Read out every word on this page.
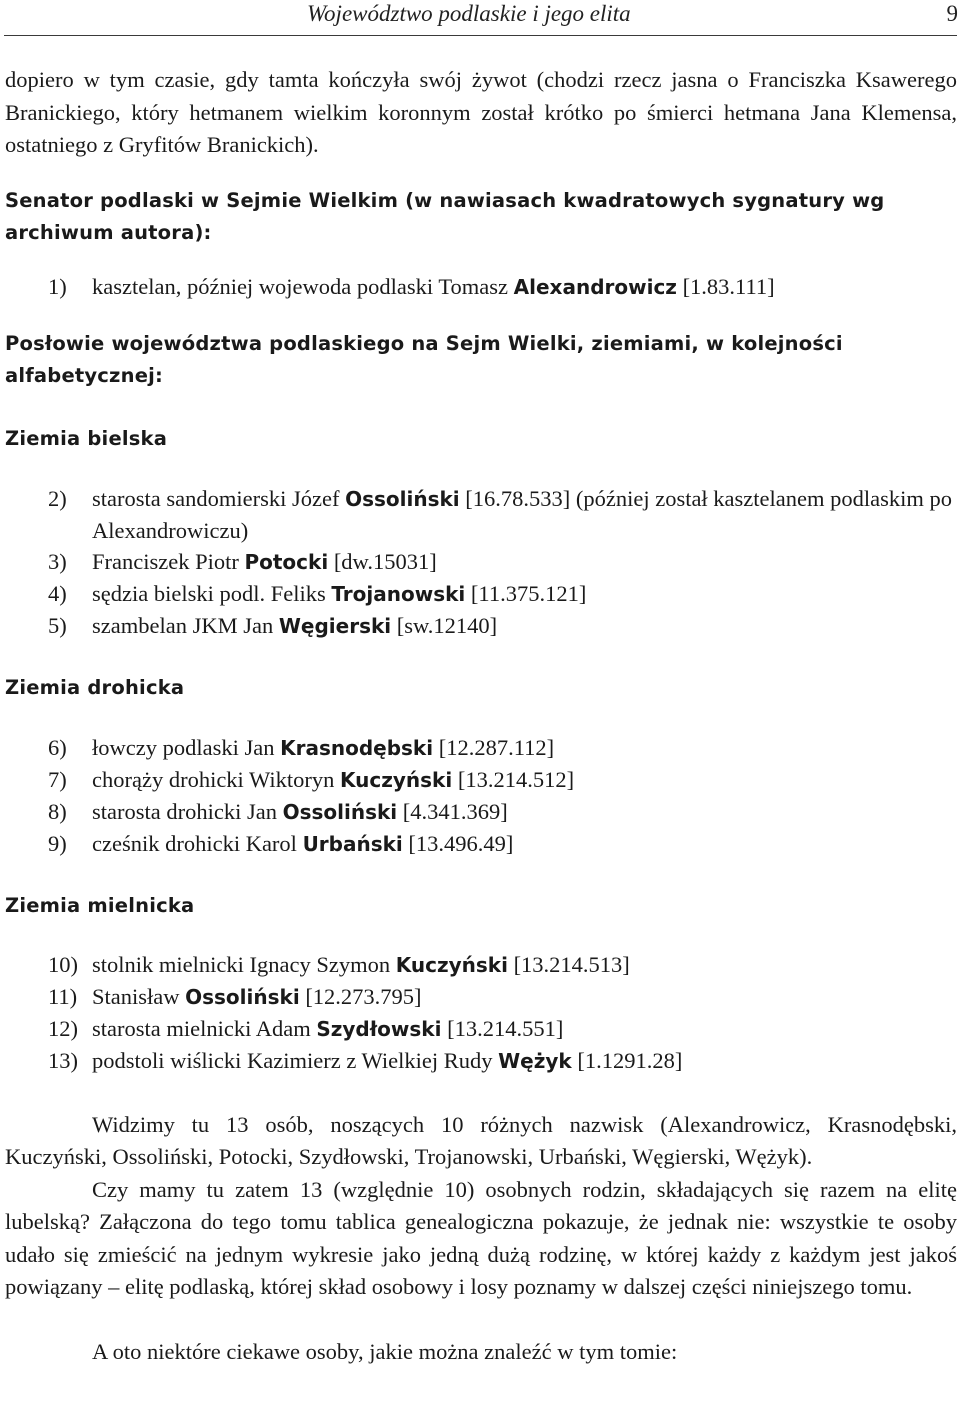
Województwo podlaskie i jego elita	9

dopiero w tym czasie, gdy tamta kończyła swój żywot (chodzi rzecz jasna o Franciszka Ksawerego Branickiego, który hetmanem wielkim koronnym został krótko po śmierci hetmana Jana Klemensa, ostatniego z Gryfitów Branickich).

Senator podlaski w Sejmie Wielkim (w nawiasach kwadratowych sygnatury wg archiwum autora):

1)	kasztelan, później wojewoda podlaski Tomasz Alexandrowicz [1.83.111]

Posłowie województwa podlaskiego na Sejm Wielki, ziemiami, w kolejności alfabetycznej:

Ziemia bielska

2)	starosta sandomierski Józef Ossoliński [16.78.533] (później został kasztelanem podlaskim po Alexandrowiczu)
3)	Franciszek Piotr Potocki [dw.15031]
4)	sędzia bielski podl. Feliks Trojanowski [11.375.121]
5)	szambelan JKM Jan Węgierski [sw.12140]

Ziemia drohicka

6)	łowczy podlaski Jan Krasnodębski [12.287.112]
7)	chorąży drohicki Wiktoryn Kuczyński [13.214.512]
8)	starosta drohicki Jan Ossoliński [4.341.369]
9)	cześnik drohicki Karol Urbański [13.496.49]

Ziemia mielnicka

10) stolnik mielnicki Ignacy Szymon Kuczyński [13.214.513]
11) Stanisław Ossoliński [12.273.795]
12) starosta mielnicki Adam Szydłowski [13.214.551]
13) podstoli wiślicki Kazimierz z Wielkiej Rudy Wężyk [1.1291.28]

Widzimy tu 13 osób, noszących 10 różnych nazwisk (Alexandrowicz, Krasnodębski, Kuczyński, Ossoliński, Potocki, Szydłowski, Trojanowski, Urbański, Węgierski, Wężyk).

Czy mamy tu zatem 13 (względnie 10) osobnych rodzin, składających się razem na elitę lubelską? Załączona do tego tomu tablica genealogiczna pokazuje, że jednak nie: wszystkie te osoby udało się zmieścić na jednym wykresie jako jedną dużą rodzinę, w której każdy z każdym jest jakoś powiązany – elitę podlaską, której skład osobowy i losy poznamy w dalszej części niniejszego tomu.

A oto niektóre ciekawe osoby, jakie można znaleźć w tym tomie:
